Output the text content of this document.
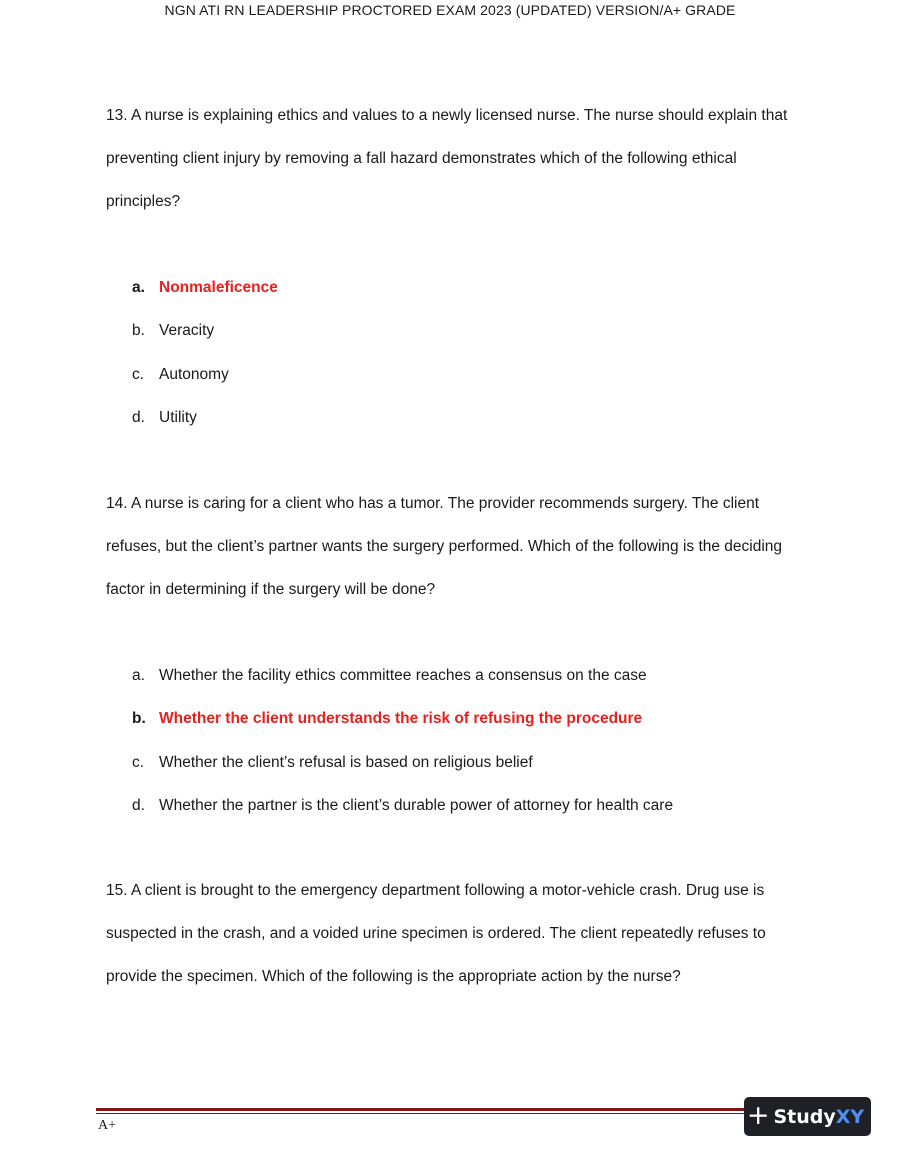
NGN ATI RN LEADERSHIP PROCTORED EXAM 2023 (UPDATED) VERSION/A+ GRADE

13. A nurse is explaining ethics and values to a newly licensed nurse. The nurse should explain that preventing client injury by removing a fall hazard demonstrates which of the following ethical principles?

a. Nonmaleficence
b. Veracity
c. Autonomy
d. Utility

14. A nurse is caring for a client who has a tumor. The provider recommends surgery. The client refuses, but the client’s partner wants the surgery performed. Which of the following is the deciding factor in determining if the surgery will be done?

a. Whether the facility ethics committee reaches a consensus on the case
b. Whether the client understands the risk of refusing the procedure
c. Whether the client’s refusal is based on religious belief
d. Whether the partner is the client’s durable power of attorney for health care

15. A client is brought to the emergency department following a motor-vehicle crash. Drug use is suspected in the crash, and a voided urine specimen is ordered. The client repeatedly refuses to provide the specimen. Which of the following is the appropriate action by the nurse?

A+	+ Study XY
